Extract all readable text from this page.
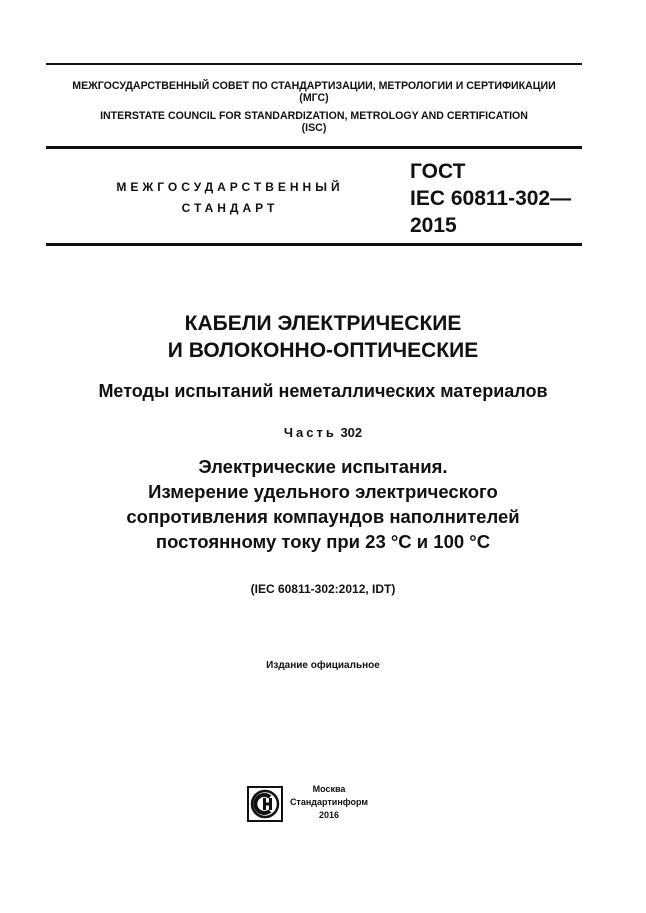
МЕЖГОСУДАРСТВЕННЫЙ СОВЕТ ПО СТАНДАРТИЗАЦИИ, МЕТРОЛОГИИ И СЕРТИФИКАЦИИ
(МГС)
INTERSTATE COUNCIL FOR STANDARDIZATION, METROLOGY AND CERTIFICATION
(ISC)
МЕЖГОСУДАРСТВЕННЫЙ
СТАНДАРТ
ГОСТ
IEC 60811-302—
2015
КАБЕЛИ ЭЛЕКТРИЧЕСКИЕ
И ВОЛОКОННО-ОПТИЧЕСКИЕ
Методы испытаний неметаллических материалов
Часть 302
Электрические испытания.
Измерение удельного электрического
сопротивления компаундов наполнителей
постоянному току при 23 °С и 100 °С
(IEC 60811-302:2012, IDT)
Издание официальное
Москва
Стандартинформ
2016
